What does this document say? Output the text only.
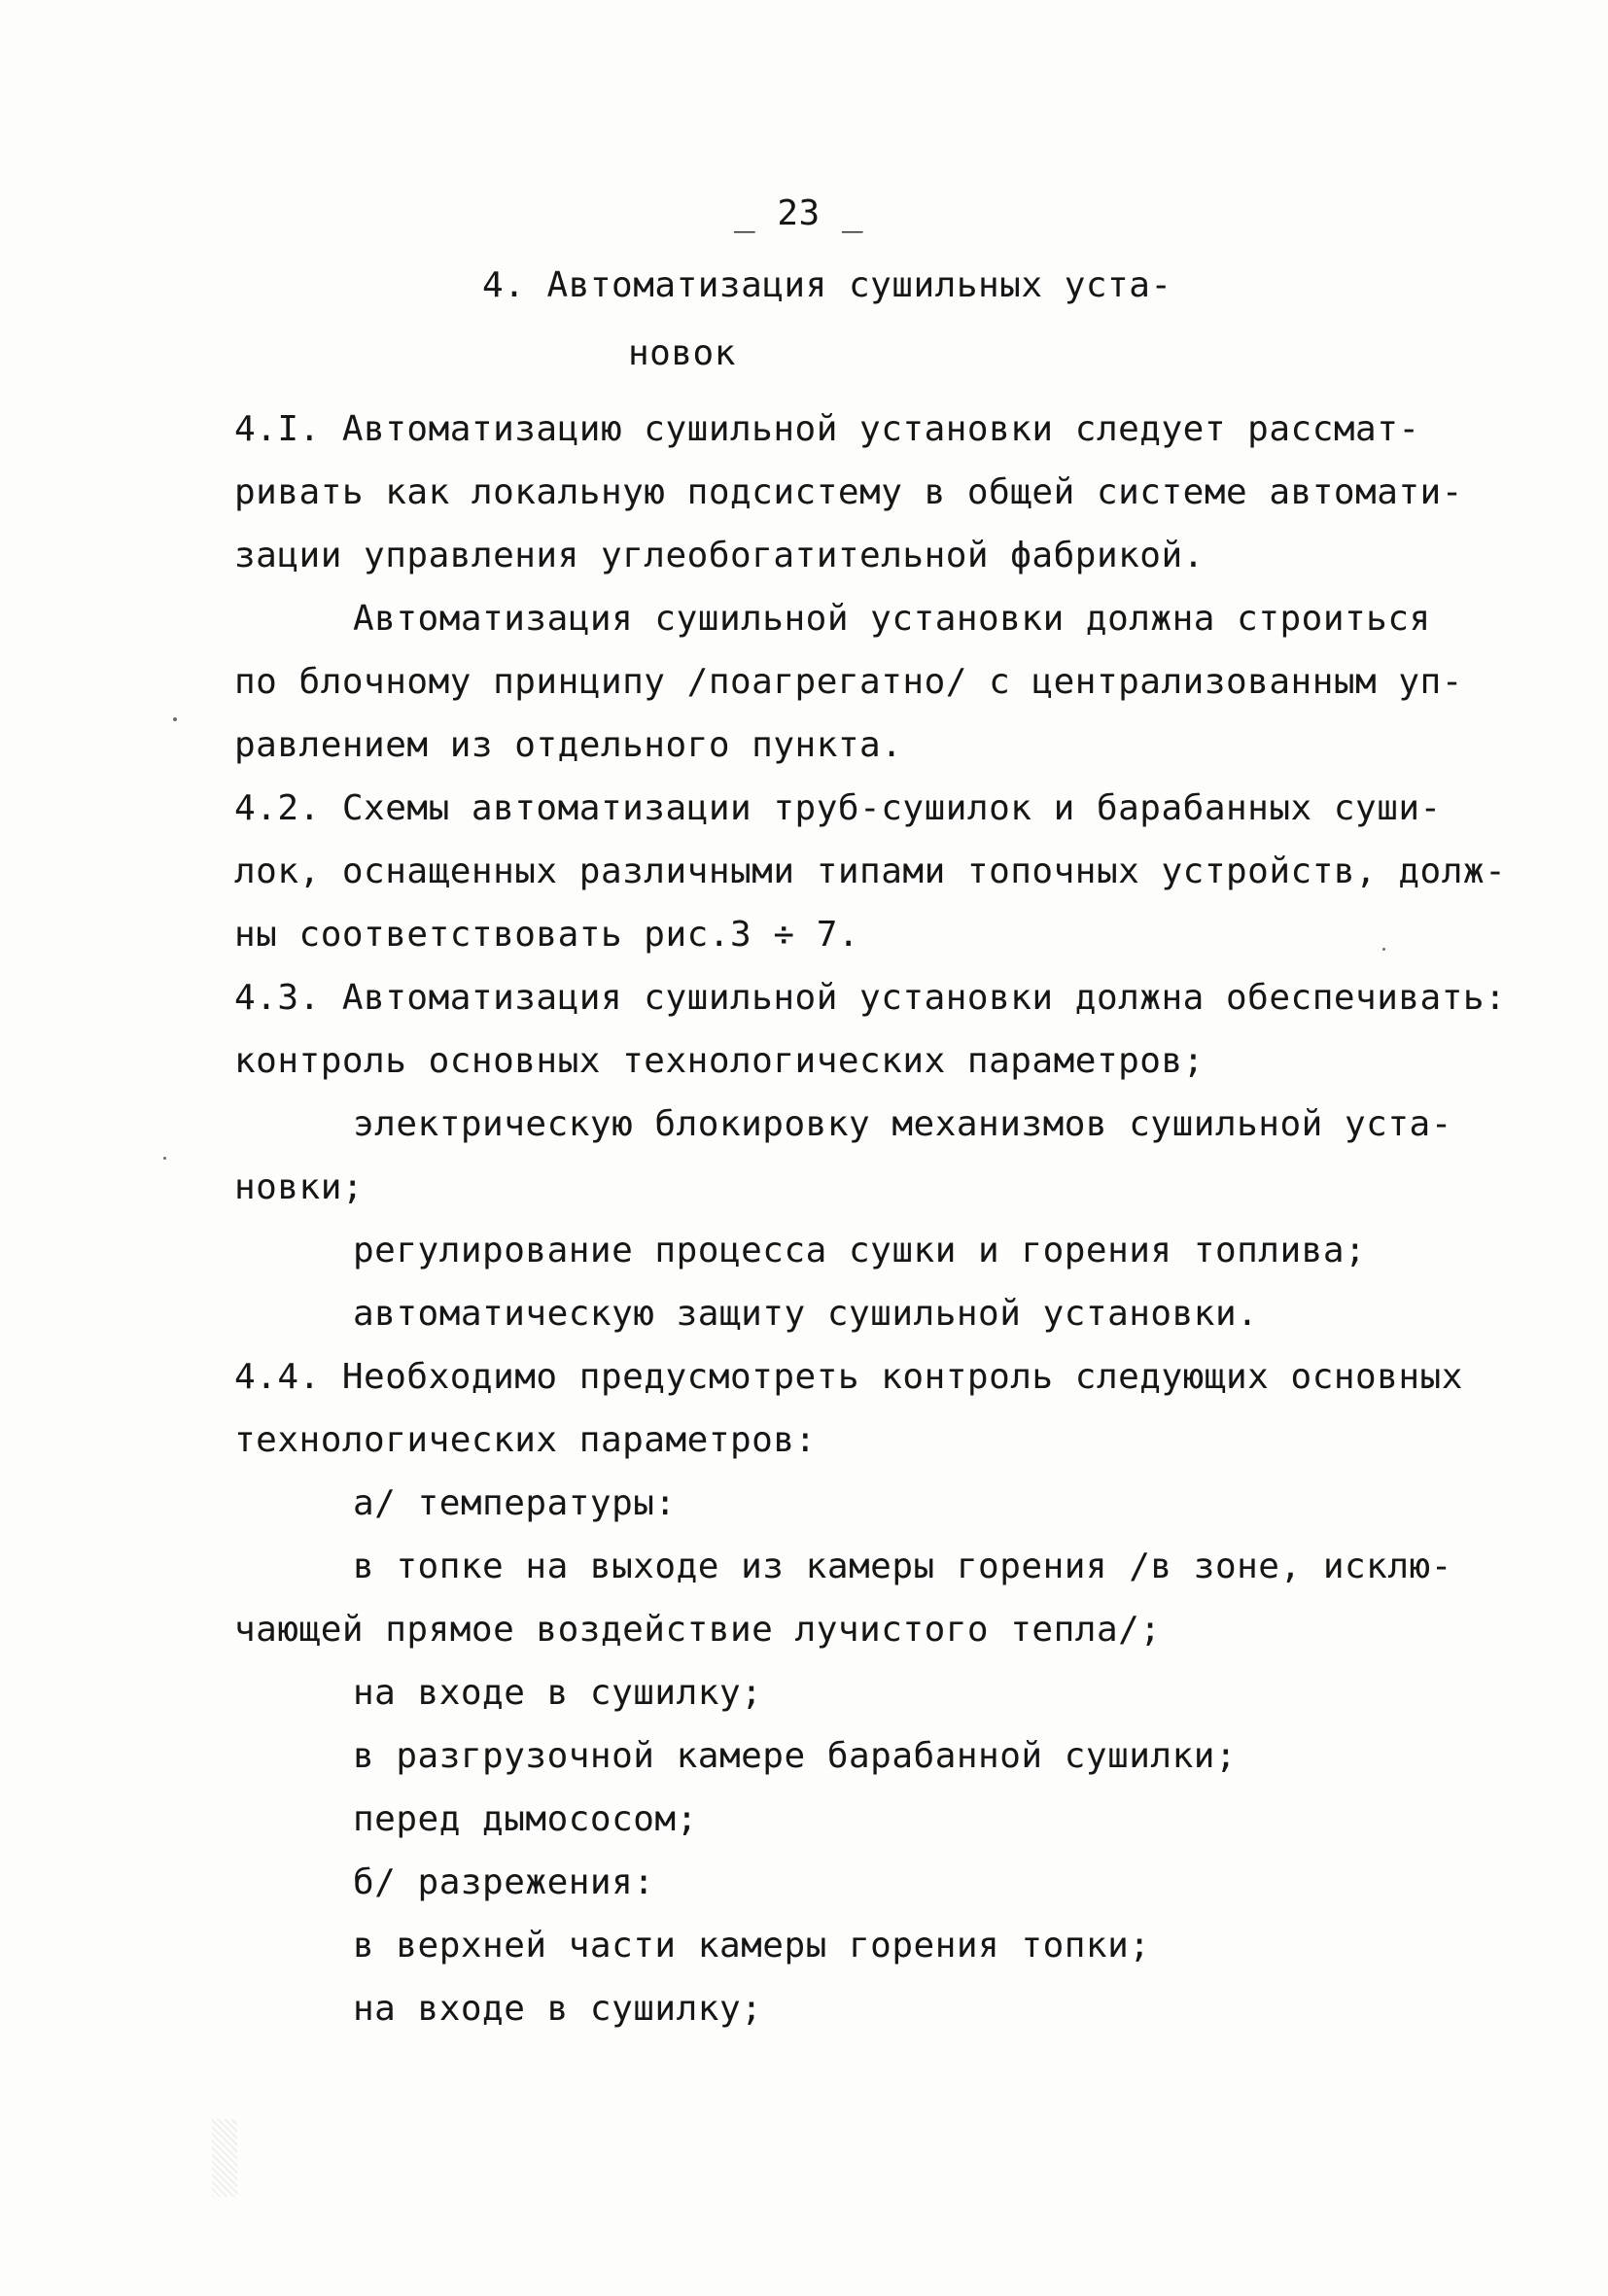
_ 23 _
4. Автоматизация сушильных уста-
новок
4.I. Автоматизацию сушильной установки следует рассмат-
ривать как локальную подсистему в общей системе автомати-
зации управления углеобогатительной фабрикой.
Автоматизация сушильной установки должна строиться
по блочному принципу /поагрегатно/ с централизованным уп-
равлением из отдельного пункта.
4.2. Схемы автоматизации труб-сушилок и барабанных суши-
лок, оснащенных различными типами топочных устройств, долж-
ны соответствовать рис.3 ÷ 7.
4.3. Автоматизация сушильной установки должна обеспечивать:
контроль основных технологических параметров;
электрическую блокировку механизмов сушильной уста-
новки;
регулирование процесса сушки и горения топлива;
автоматическую защиту сушильной установки.
4.4. Необходимо предусмотреть контроль следующих основных
технологических параметров:
а/ температуры:
в топке на выходе из камеры горения /в зоне, исклю-
чающей прямое воздействие лучистого тепла/;
на входе в сушилку;
в разгрузочной камере барабанной сушилки;
перед дымососом;
б/ разрежения:
в верхней части камеры горения топки;
на входе в сушилку;
